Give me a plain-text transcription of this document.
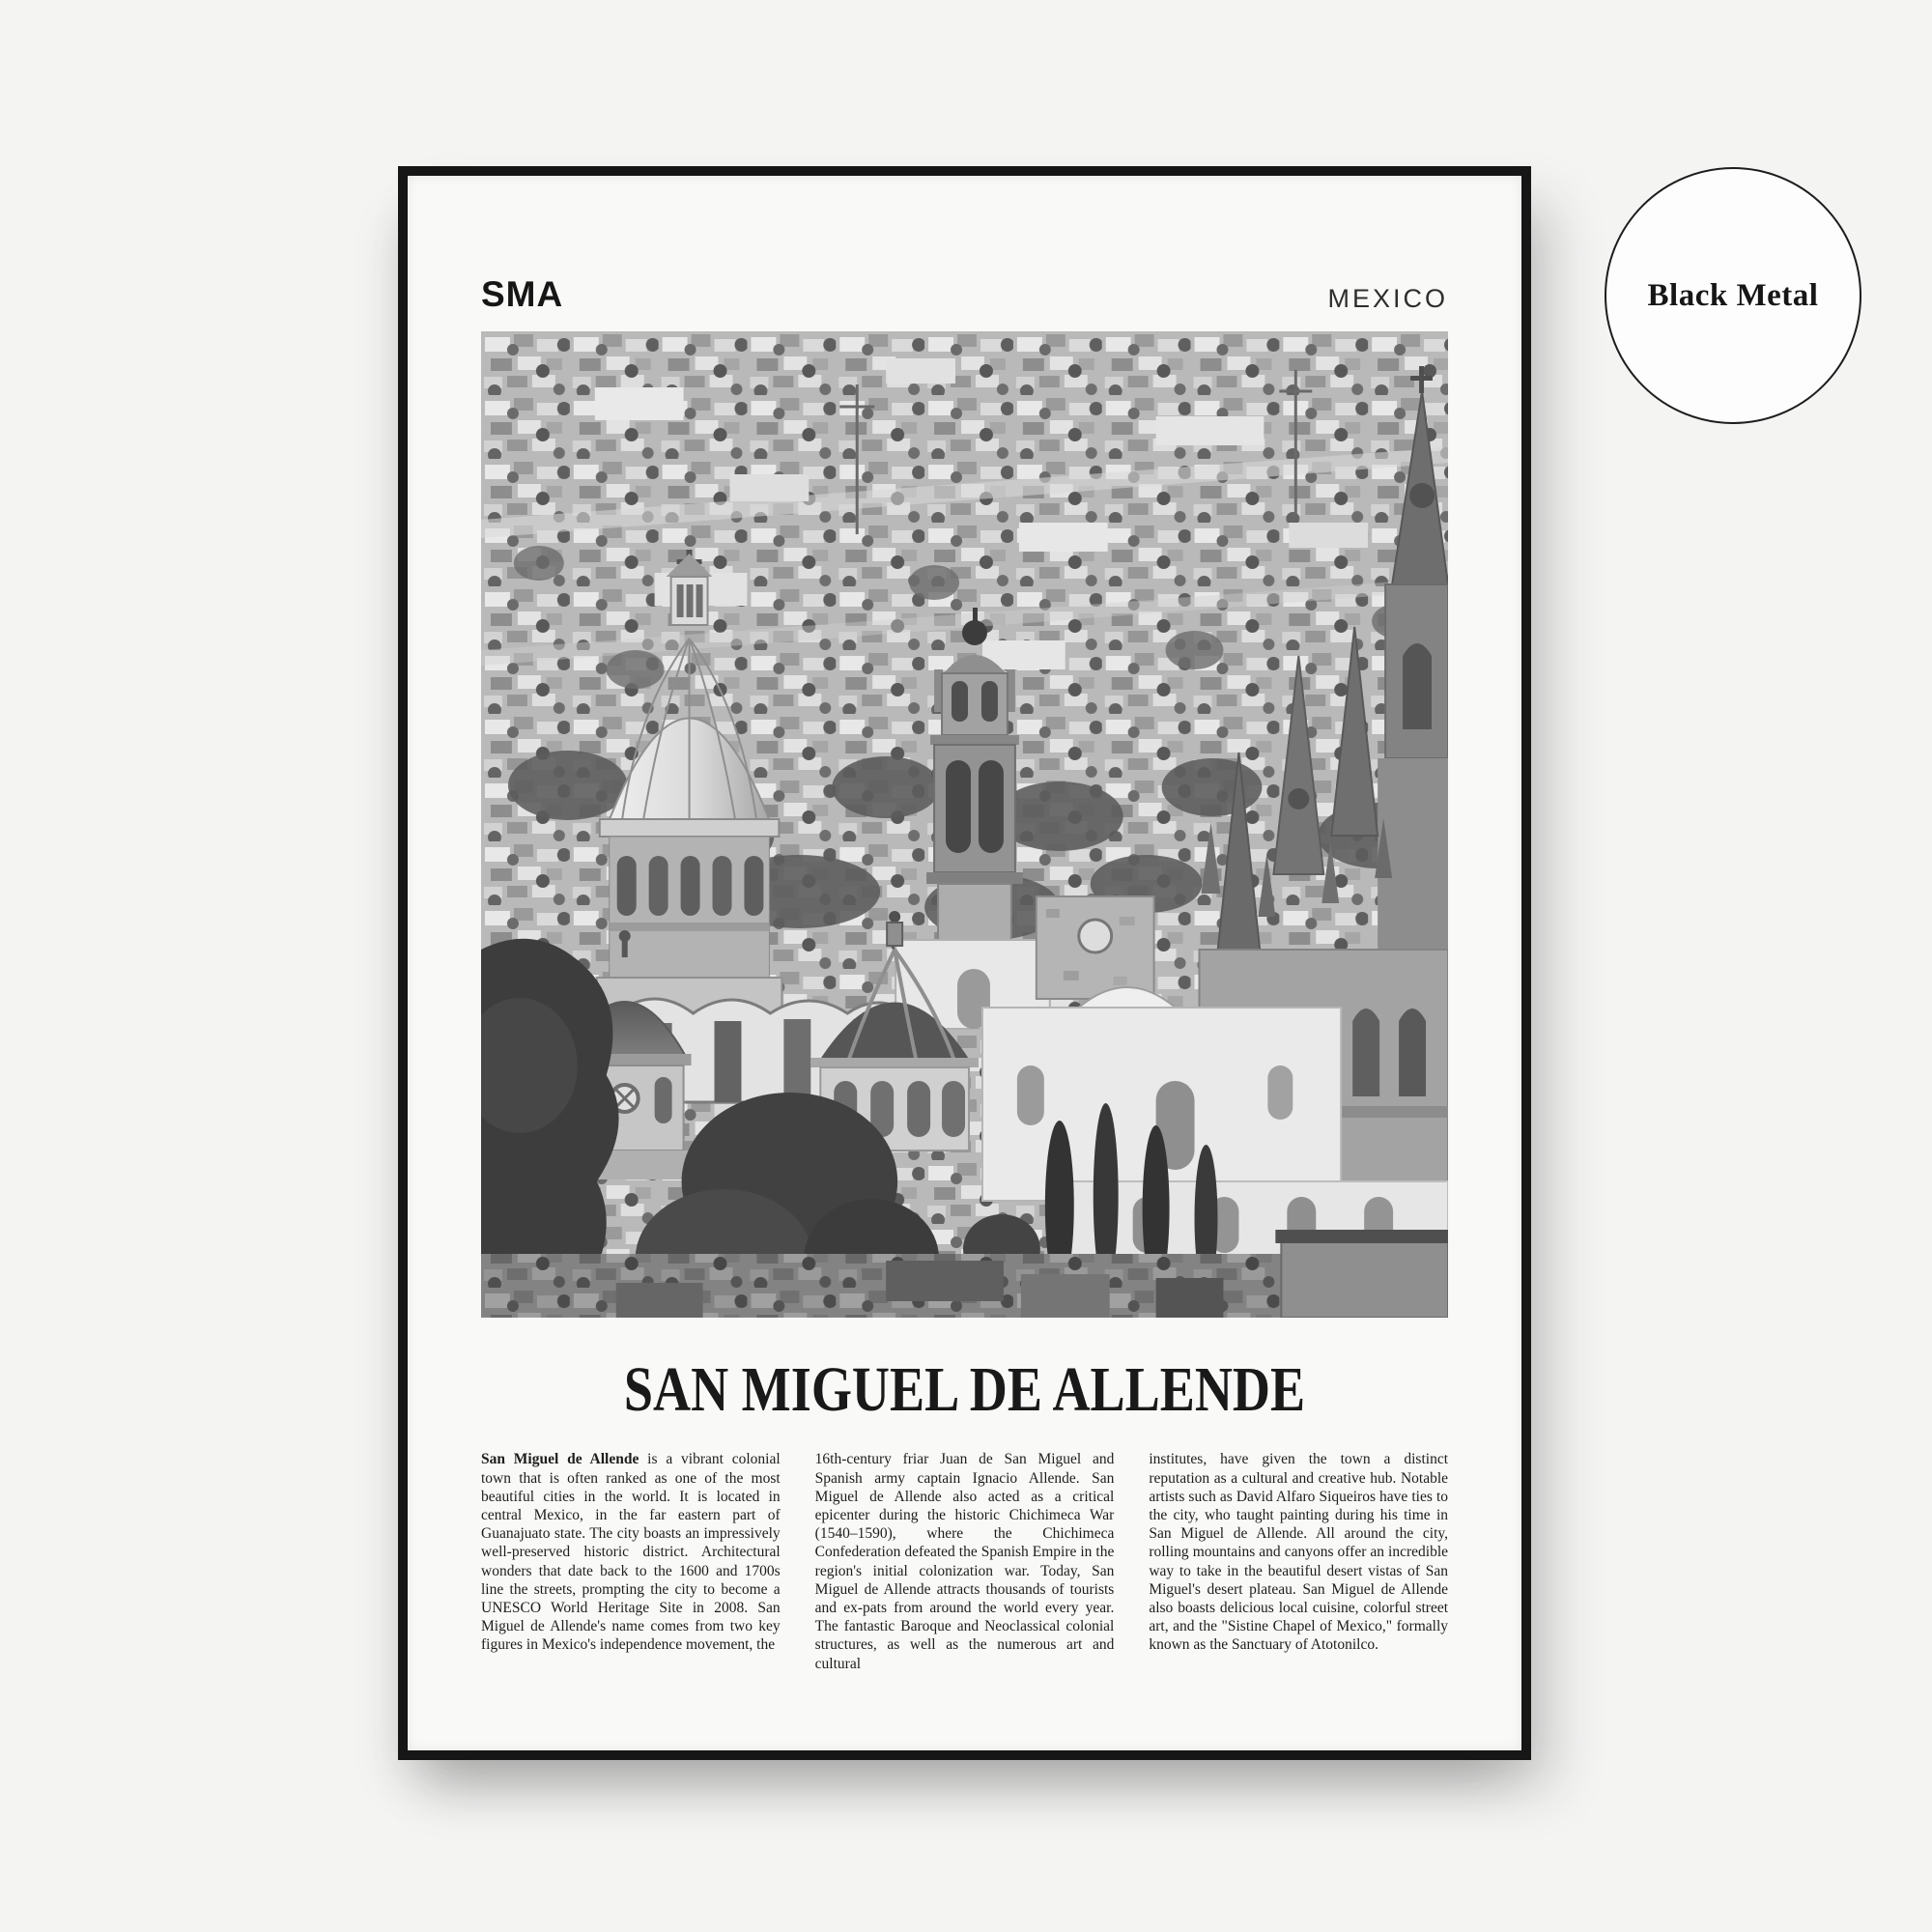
SMA	MEXICO
SAN MIGUEL DE ALLENDE

San Miguel de Allende is a vibrant colonial town that is often ranked as one of the most beautiful cities in the world. It is located in central Mexico, in the far eastern part of Guanajuato state. The city boasts an impressively well-preserved historic district. Architectural wonders that date back to the 1600 and 1700s line the streets, prompting the city to become a UNESCO World Heritage Site in 2008. San Miguel de Allende's name comes from two key figures in Mexico's independence movement, the

16th-century friar Juan de San Miguel and Spanish army captain Ignacio Allende. San Miguel de Allende also acted as a critical epicenter during the historic Chichimeca War (1540–1590), where the Chichimeca Confederation defeated the Spanish Empire in the region's initial colonization war. Today, San Miguel de Allende attracts thousands of tourists and ex-pats from around the world every year. The fantastic Baroque and Neoclassical colonial structures, as well as the numerous art and cultural

institutes, have given the town a distinct reputation as a cultural and creative hub. Notable artists such as David Alfaro Siqueiros have ties to the city, who taught painting during his time in San Miguel de Allende. All around the city, rolling mountains and canyons offer an incredible way to take in the beautiful desert vistas of San Miguel's desert plateau. San Miguel de Allende also boasts delicious local cuisine, colorful street art, and the "Sistine Chapel of Mexico," formally known as the Sanctuary of Atotonilco.

Black Metal
